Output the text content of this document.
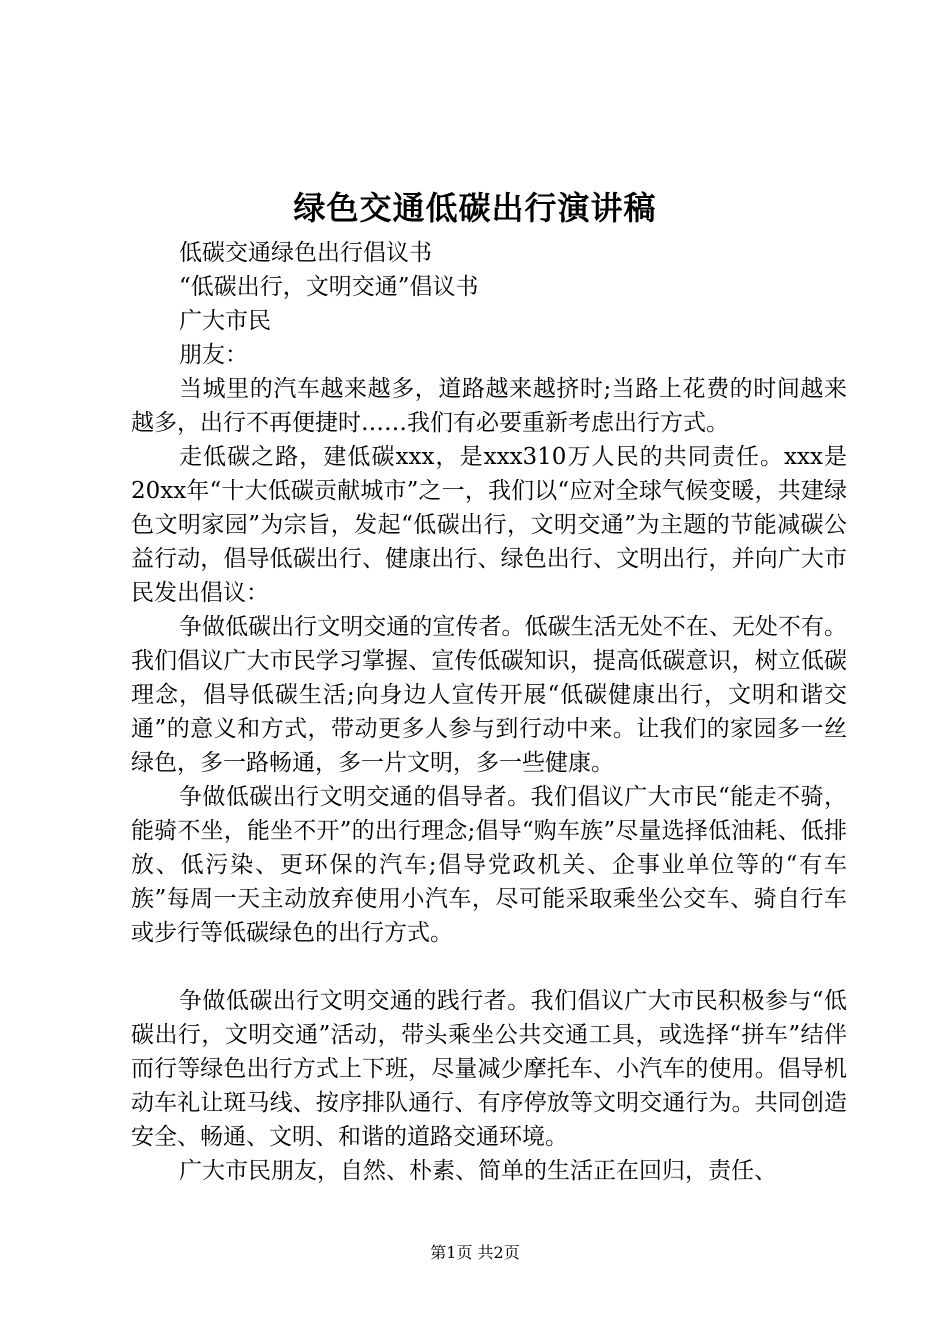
绿色交通低碳出行演讲稿
低碳交通绿色出行倡议书
“低碳出行，文明交通”倡议书
广大市民
朋友：

当城里的汽车越来越多，道路越来越挤时;当路上花费的时间越来越多，出行不再便捷时……我们有必要重新考虑出行方式。

走低碳之路，建低碳xxx，是xxx310万人民的共同责任。xxx是20xx年“十大低碳贡献城市”之一，我们以“应对全球气候变暖，共建绿色文明家园”为宗旨，发起“低碳出行，文明交通”为主题的节能减碳公益行动，倡导低碳出行、健康出行、绿色出行、文明出行，并向广大市民发出倡议：

争做低碳出行文明交通的宣传者。低碳生活无处不在、无处不有。我们倡议广大市民学习掌握、宣传低碳知识，提高低碳意识，树立低碳理念，倡导低碳生活;向身边人宣传开展“低碳健康出行，文明和谐交通”的意义和方式，带动更多人参与到行动中来。让我们的家园多一丝绿色，多一路畅通，多一片文明，多一些健康。

争做低碳出行文明交通的倡导者。我们倡议广大市民“能走不骑，能骑不坐，能坐不开”的出行理念;倡导“购车族”尽量选择低油耗、低排放、低污染、更环保的汽车;倡导党政机关、企事业单位等的“有车族”每周一天主动放弃使用小汽车，尽可能采取乘坐公交车、骑自行车或步行等低碳绿色的出行方式。

争做低碳出行文明交通的践行者。我们倡议广大市民积极参与“低碳出行，文明交通”活动，带头乘坐公共交通工具，或选择“拼车”结伴而行等绿色出行方式上下班，尽量减少摩托车、小汽车的使用。倡导机动车礼让斑马线、按序排队通行、有序停放等文明交通行为。共同创造安全、畅通、文明、和谐的道路交通环境。

广大市民朋友，自然、朴素、简单的生活正在回归，责任、

第1页 共2页
